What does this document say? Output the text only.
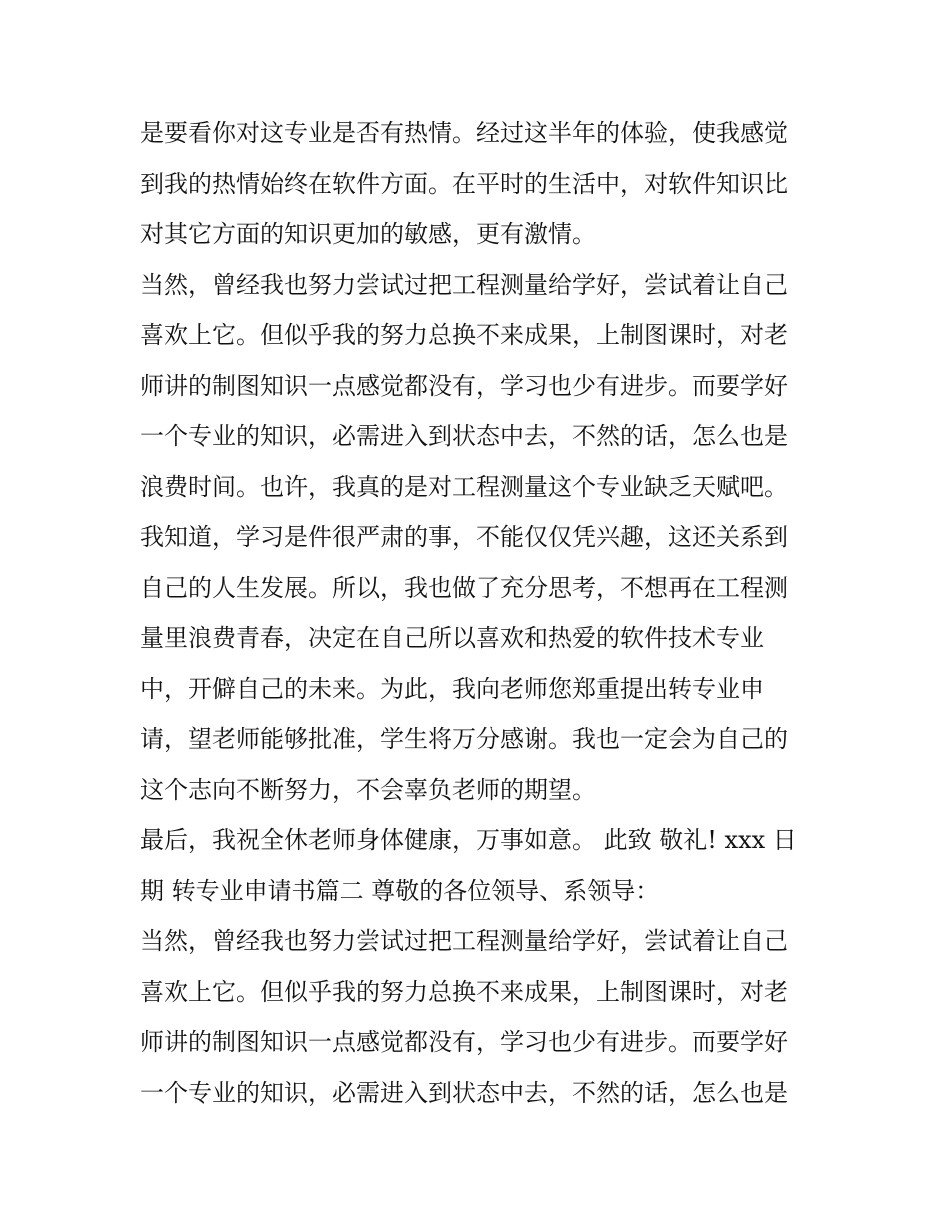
是要看你对这专业是否有热情。经过这半年的体验，使我感觉
到我的热情始终在软件方面。在平时的生活中，对软件知识比
对其它方面的知识更加的敏感，更有激情。
当然，曾经我也努力尝试过把工程测量给学好，尝试着让自己
喜欢上它。但似乎我的努力总换不来成果，上制图课时，对老
师讲的制图知识一点感觉都没有，学习也少有进步。而要学好
一个专业的知识，必需进入到状态中去，不然的话，怎么也是
浪费时间。也许，我真的是对工程测量这个专业缺乏天赋吧。
我知道，学习是件很严肃的事，不能仅仅凭兴趣，这还关系到
自己的人生发展。所以，我也做了充分思考，不想再在工程测
量里浪费青春，决定在自己所以喜欢和热爱的软件技术专业
中，开僻自己的未来。为此，我向老师您郑重提出转专业申
请，望老师能够批准，学生将万分感谢。我也一定会为自己的
这个志向不断努力，不会辜负老师的期望。
最后，我祝全休老师身体健康，万事如意。 此致 敬礼! xxx 日
期 转专业申请书篇二 尊敬的各位领导、系领导：
当然，曾经我也努力尝试过把工程测量给学好，尝试着让自己
喜欢上它。但似乎我的努力总换不来成果，上制图课时，对老
师讲的制图知识一点感觉都没有，学习也少有进步。而要学好
一个专业的知识，必需进入到状态中去，不然的话，怎么也是
